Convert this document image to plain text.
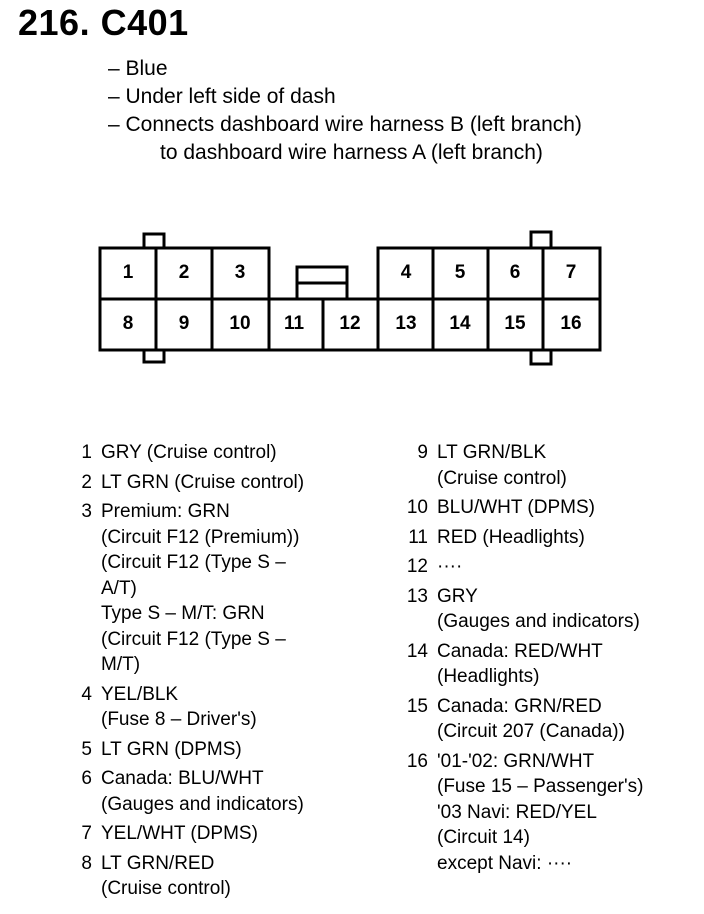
216. C401
– Blue
– Under left side of dash
– Connects dashboard wire harness B (left branch)
to dashboard wire harness A (left branch)
1	2	3	4	5	6	7
8	9	10	11	12	13	14	15	16
1 GRY (Cruise control)
2 LT GRN (Cruise control)
3 Premium: GRN
(Circuit F12 (Premium))
(Circuit F12 (Type S –
A/T)
Type S – M/T: GRN
(Circuit F12 (Type S –
M/T)
4 YEL/BLK
(Fuse 8 – Driver's)
5 LT GRN (DPMS)
6 Canada: BLU/WHT
(Gauges and indicators)
7 YEL/WHT (DPMS)
8 LT GRN/RED
(Cruise control)
9 LT GRN/BLK
(Cruise control)
10 BLU/WHT (DPMS)
11 RED (Headlights)
12 ····
13 GRY
(Gauges and indicators)
14 Canada: RED/WHT
(Headlights)
15 Canada: GRN/RED
(Circuit 207 (Canada))
16 '01-'02: GRN/WHT
(Fuse 15 – Passenger's)
'03 Navi: RED/YEL
(Circuit 14)
except Navi: ····
